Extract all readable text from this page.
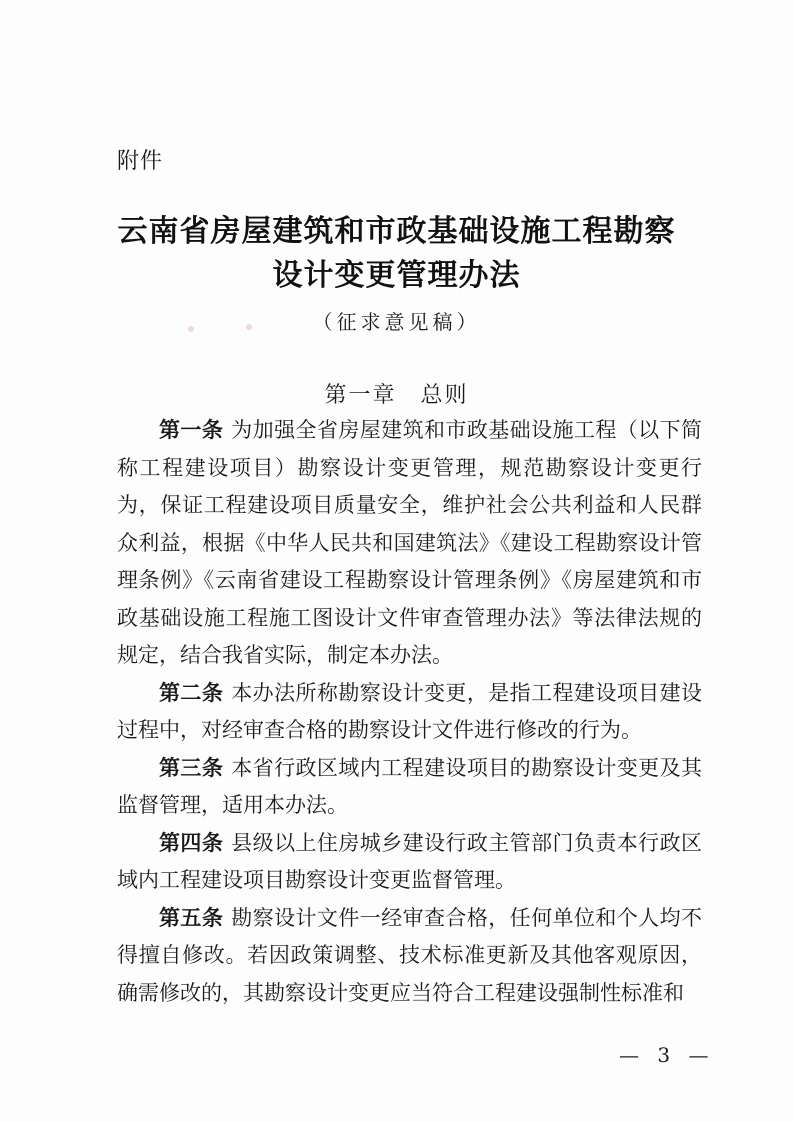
附件
云南省房屋建筑和市政基础设施工程勘察
设计变更管理办法
（征求意见稿）
第一章　总则

第一条 为加强全省房屋建筑和市政基础设施工程（以下简称工程建设项目）勘察设计变更管理，规范勘察设计变更行为，保证工程建设项目质量安全，维护社会公共利益和人民群众利益，根据《中华人民共和国建筑法》《建设工程勘察设计管理条例》《云南省建设工程勘察设计管理条例》《房屋建筑和市政基础设施工程施工图设计文件审查管理办法》等法律法规的规定，结合我省实际，制定本办法。

第二条 本办法所称勘察设计变更，是指工程建设项目建设过程中，对经审查合格的勘察设计文件进行修改的行为。

第三条 本省行政区域内工程建设项目的勘察设计变更及其监督管理，适用本办法。

第四条 县级以上住房城乡建设行政主管部门负责本行政区域内工程建设项目勘察设计变更监督管理。

第五条 勘察设计文件一经审查合格，任何单位和个人均不得擅自修改。若因政策调整、技术标准更新及其他客观原因，确需修改的，其勘察设计变更应当符合工程建设强制性标准和

— 3 —
